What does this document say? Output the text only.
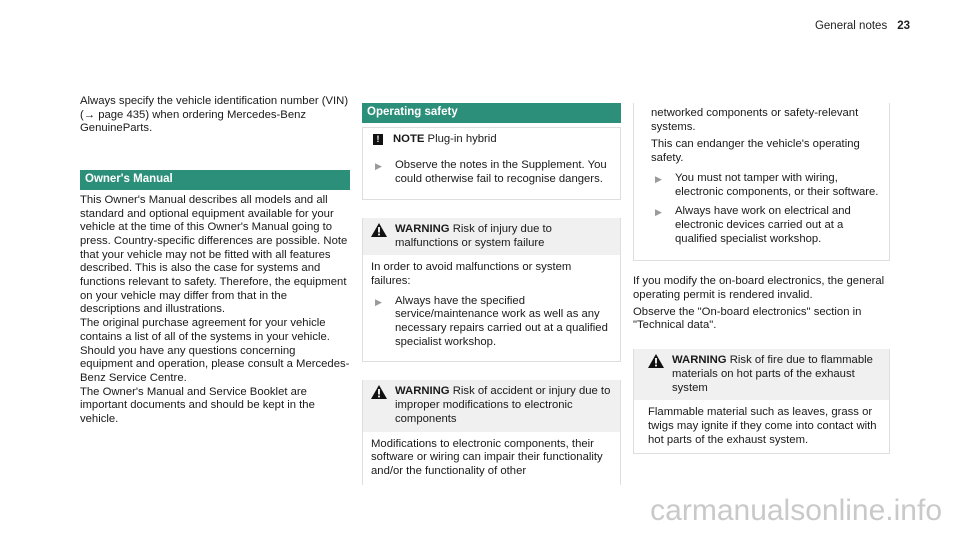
General notes 23

Always specify the vehicle identification number (VIN) (→ page 435) when ordering Mercedes-Benz GenuineParts.

Owner's Manual

This Owner's Manual describes all models and all standard and optional equipment available for your vehicle at the time of this Owner's Manual going to press. Country-specific differences are possible. Note that your vehicle may not be fitted with all features described. This is also the case for systems and functions relevant to safety. Therefore, the equipment on your vehicle may differ from that in the descriptions and illustrations.

The original purchase agreement for your vehicle contains a list of all of the systems in your vehicle.

Should you have any questions concerning equipment and operation, please consult a Mercedes-Benz Service Centre.

The Owner's Manual and Service Booklet are important documents and should be kept in the vehicle.

Operating safety
!	NOTE Plug-in hybrid
▶ Observe the notes in the Supplement. You could otherwise fail to recognise dangers.
WARNING Risk of injury due to malfunctions or system failure

In order to avoid malfunctions or system failures:

▶ Always have the specified service/maintenance work as well as any necessary repairs carried out at a qualified specialist workshop.
WARNING Risk of accident or injury due to improper modifications to electronic components

Modifications to electronic components, their software or wiring can impair their functionality and/or the functionality of other

networked components or safety-relevant systems.

This can endanger the vehicle's operating safety.

▶ You must not tamper with wiring, electronic components, or their software.
▶ Always have work on electrical and electronic devices carried out at a qualified specialist workshop.

If you modify the on-board electronics, the general operating permit is rendered invalid.

Observe the "On-board electronics" section in "Technical data".

WARNING Risk of fire due to flammable materials on hot parts of the exhaust system

Flammable material such as leaves, grass or twigs may ignite if they come into contact with hot parts of the exhaust system.

carmanualsonline.info
